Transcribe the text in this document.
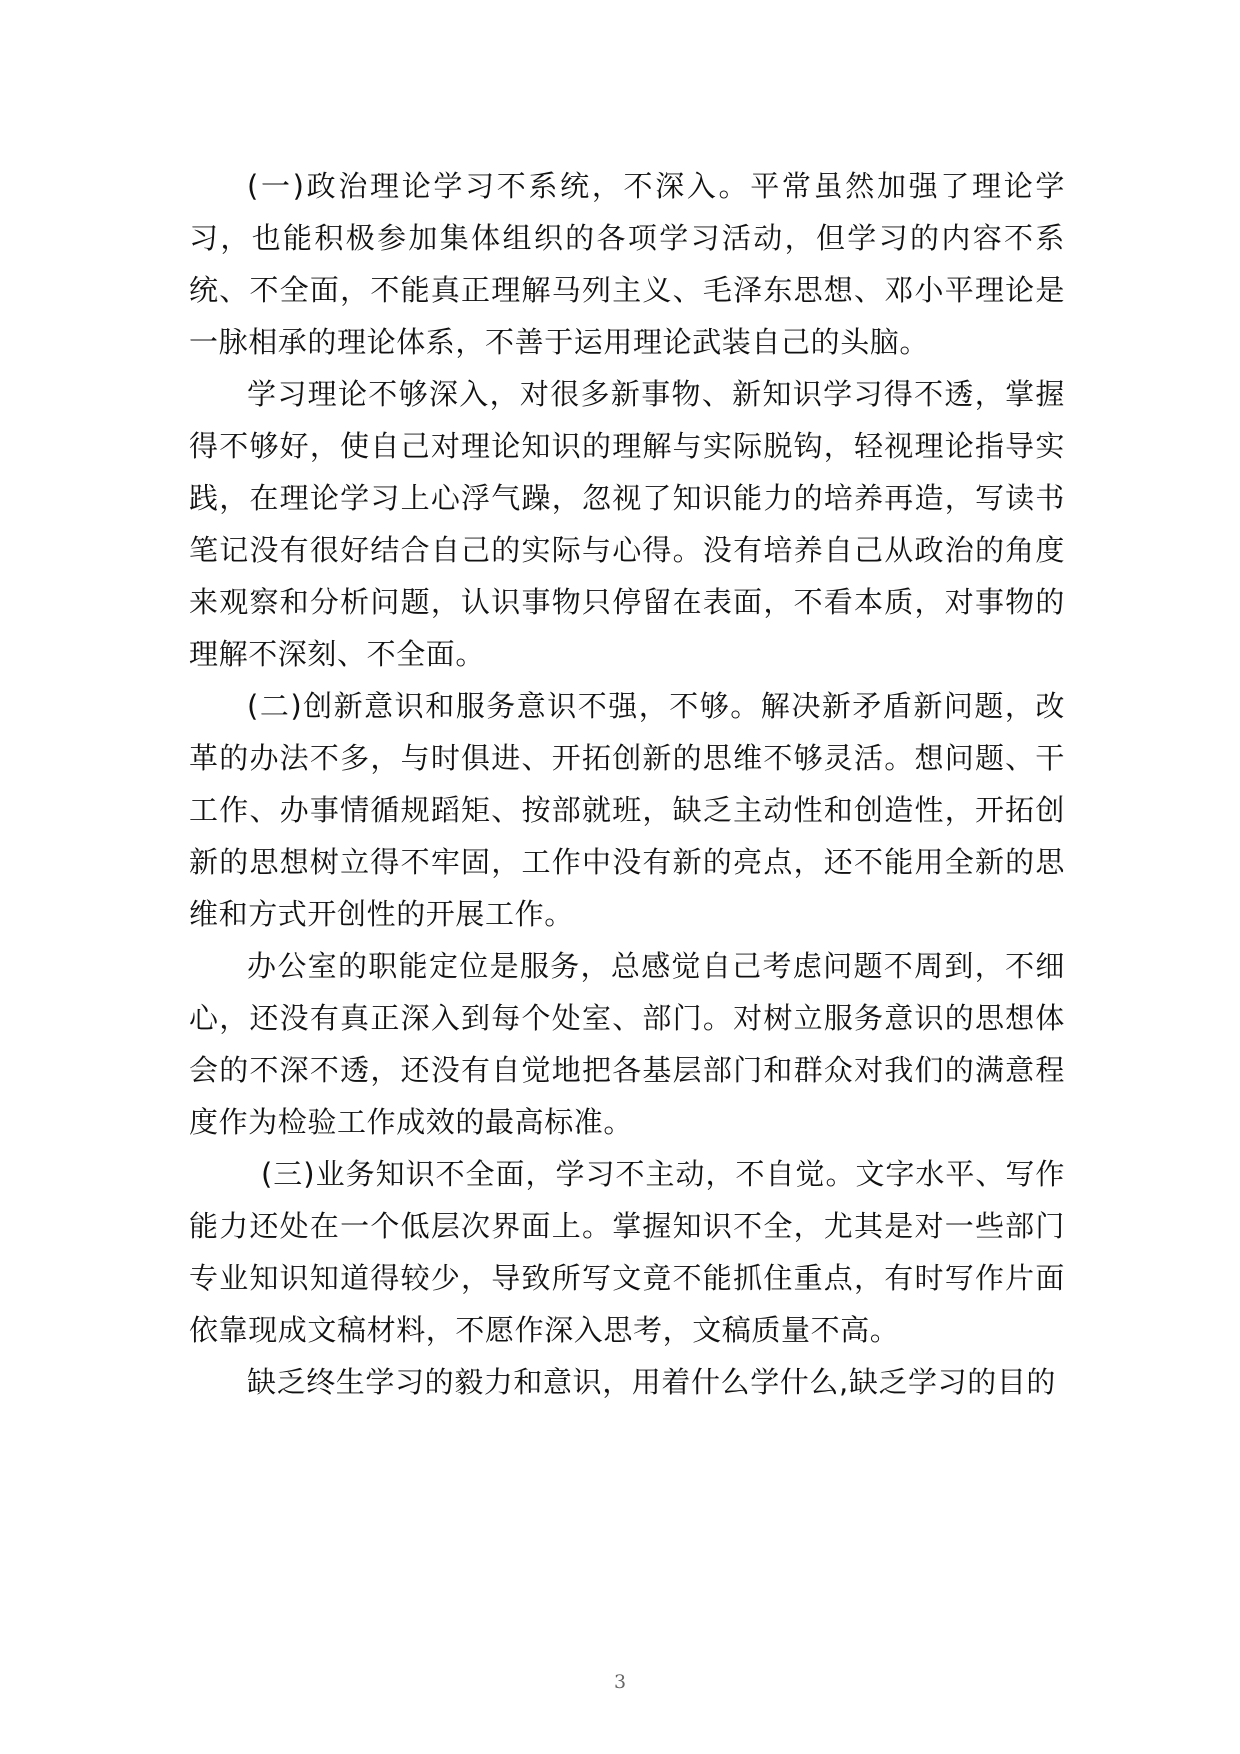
(一)政治理论学习不系统，不深入。平常虽然加强了理论学习，也能积极参加集体组织的各项学习活动，但学习的内容不系统、不全面，不能真正理解马列主义、毛泽东思想、邓小平理论是一脉相承的理论体系，不善于运用理论武装自己的头脑。

学习理论不够深入，对很多新事物、新知识学习得不透，掌握得不够好，使自己对理论知识的理解与实际脱钩，轻视理论指导实践，在理论学习上心浮气躁，忽视了知识能力的培养再造，写读书笔记没有很好结合自己的实际与心得。没有培养自己从政治的角度来观察和分析问题，认识事物只停留在表面，不看本质，对事物的理解不深刻、不全面。

(二)创新意识和服务意识不强，不够。解决新矛盾新问题，改革的办法不多，与时俱进、开拓创新的思维不够灵活。想问题、干工作、办事情循规蹈矩、按部就班，缺乏主动性和创造性，开拓创新的思想树立得不牢固，工作中没有新的亮点，还不能用全新的思维和方式开创性的开展工作。

办公室的职能定位是服务，总感觉自己考虑问题不周到，不细心，还没有真正深入到每个处室、部门。对树立服务意识的思想体会的不深不透，还没有自觉地把各基层部门和群众对我们的满意程度作为检验工作成效的最高标准。

(三)业务知识不全面，学习不主动，不自觉。文字水平、写作能力还处在一个低层次界面上。掌握知识不全，尤其是对一些部门专业知识知道得较少，导致所写文竟不能抓住重点，有时写作片面依靠现成文稿材料，不愿作深入思考，文稿质量不高。

缺乏终生学习的毅力和意识，用着什么学什么,缺乏学习的目的

3
